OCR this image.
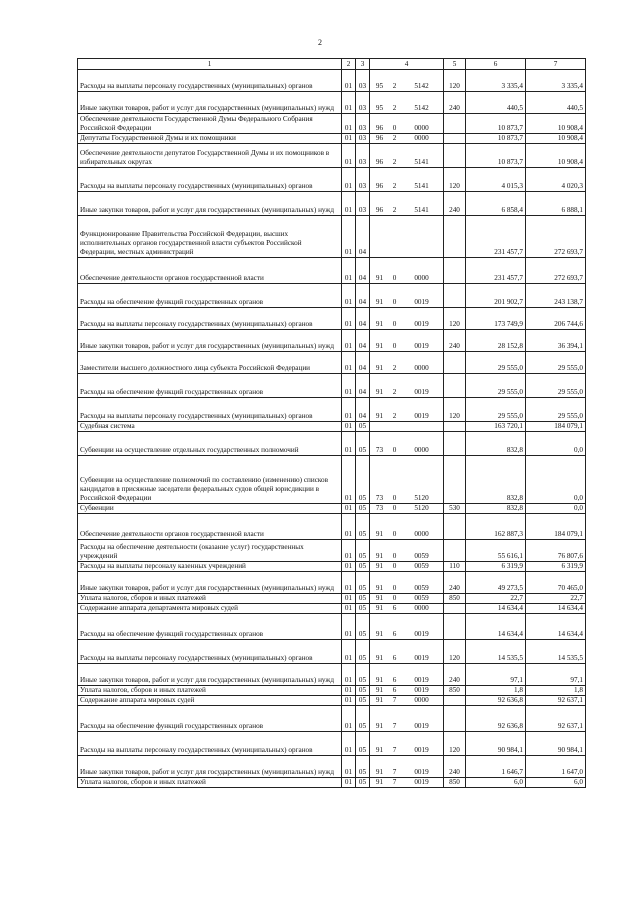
2
1	2	3	4	5	6	7
Расходы на выплаты персоналу государственных (муниципальных) органов	01	03	95 2 5142	120	3 335,4	3 335,4
Иные закупки товаров, работ и услуг для государственных (муниципальных) нужд	01	03	95 2 5142	240	440,5	440,5
Обеспечение деятельности Государственной Думы Федерального Собрания Российской Федерации	01	03	96 0 0000		10 873,7	10 908,4
Депутаты Государственной Думы и их помощники	01	03	96 2 0000		10 873,7	10 908,4
Обеспечение деятельности депутатов Государственной Думы и их помощников в избирательных округах	01	03	96 2 5141		10 873,7	10 908,4
Расходы на выплаты персоналу государственных (муниципальных) органов	01	03	96 2 5141	120	4 015,3	4 020,3
Иные закупки товаров, работ и услуг для государственных (муниципальных) нужд	01	03	96 2 5141	240	6 858,4	6 888,1
Функционирование Правительства Российской Федерации, высших исполнительных органов государственной власти субъектов Российской Федерации, местных администраций	01	04			231 457,7	272 693,7
Обеспечение деятельности органов государственной власти	01	04	91 0 0000		231 457,7	272 693,7
Расходы на обеспечение функций государственных органов	01	04	91 0 0019		201 902,7	243 138,7
Расходы на выплаты персоналу государственных (муниципальных) органов	01	04	91 0 0019	120	173 749,9	206 744,6
Иные закупки товаров, работ и услуг для государственных (муниципальных) нужд	01	04	91 0 0019	240	28 152,8	36 394,1
Заместители высшего должностного лица субъекта Российской Федерации	01	04	91 2 0000		29 555,0	29 555,0
Расходы на обеспечение функций государственных органов	01	04	91 2 0019		29 555,0	29 555,0
Расходы на выплаты персоналу государственных (муниципальных) органов	01	04	91 2 0019	120	29 555,0	29 555,0
Судебная система	01	05			163 720,1	184 079,1
Субвенции на осуществление отдельных государственных полномочий	01	05	73 0 0000		832,8	0,0
Субвенции на осуществление полномочий по составлению (изменению) списков кандидатов в присяжные заседатели федеральных судов общей юрисдикции в Российской Федерации	01	05	73 0 5120		832,8	0,0
Субвенции	01	05	73 0 5120	530	832,8	0,0
Обеспечение деятельности органов государственной власти	01	05	91 0 0000		162 887,3	184 079,1
Расходы на обеспечение деятельности (оказание услуг) государственных учреждений	01	05	91 0 0059		55 616,1	76 807,6
Расходы на выплаты персоналу казенных учреждений	01	05	91 0 0059	110	6 319,9	6 319,9
Иные закупки товаров, работ и услуг для государственных (муниципальных) нужд	01	05	91 0 0059	240	49 273,5	70 465,0
Уплата налогов, сборов и иных платежей	01	05	91 0 0059	850	22,7	22,7
Содержание аппарата департамента мировых судей	01	05	91 6 0000		14 634,4	14 634,4
Расходы на обеспечение функций государственных органов	01	05	91 6 0019		14 634,4	14 634,4
Расходы на выплаты персоналу государственных (муниципальных) органов	01	05	91 6 0019	120	14 535,5	14 535,5
Иные закупки товаров, работ и услуг для государственных (муниципальных) нужд	01	05	91 6 0019	240	97,1	97,1
Уплата налогов, сборов и иных платежей	01	05	91 6 0019	850	1,8	1,8
Содержание аппарата мировых судей	01	05	91 7 0000		92 636,8	92 637,1
Расходы на обеспечение функций государственных органов	01	05	91 7 0019		92 636,8	92 637,1
Расходы на выплаты персоналу государственных (муниципальных) органов	01	05	91 7 0019	120	90 984,1	90 984,1
Иные закупки товаров, работ и услуг для государственных (муниципальных) нужд	01	05	91 7 0019	240	1 646,7	1 647,0
Уплата налогов, сборов и иных платежей	01	05	91 7 0019	850	6,0	6,0
